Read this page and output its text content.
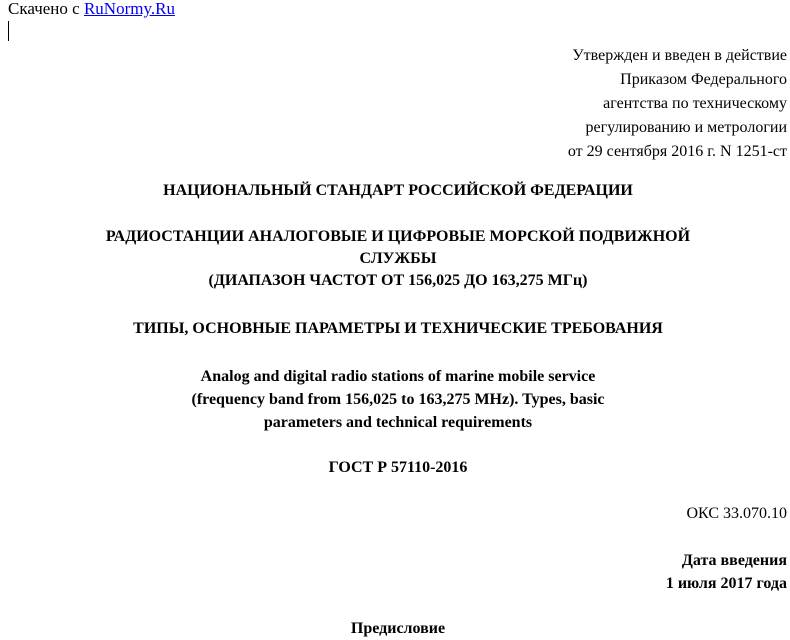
Скачено с RuNormy.Ru
Утвержден и введен в действие
Приказом Федерального
агентства по техническому
регулированию и метрологии
от 29 сентября 2016 г. N 1251-ст
НАЦИОНАЛЬНЫЙ СТАНДАРТ РОССИЙСКОЙ ФЕДЕРАЦИИ
РАДИОСТАНЦИИ АНАЛОГОВЫЕ И ЦИФРОВЫЕ МОРСКОЙ ПОДВИЖНОЙ
СЛУЖБЫ
(ДИАПАЗОН ЧАСТОТ ОТ 156,025 ДО 163,275 МГц)
ТИПЫ, ОСНОВНЫЕ ПАРАМЕТРЫ И ТЕХНИЧЕСКИЕ ТРЕБОВАНИЯ
Analog and digital radio stations of marine mobile service
(frequency band from 156,025 to 163,275 MHz). Types, basic
parameters and technical requirements
ГОСТ Р 57110-2016
ОКС 33.070.10
Дата введения
1 июля 2017 года
Предисловие
